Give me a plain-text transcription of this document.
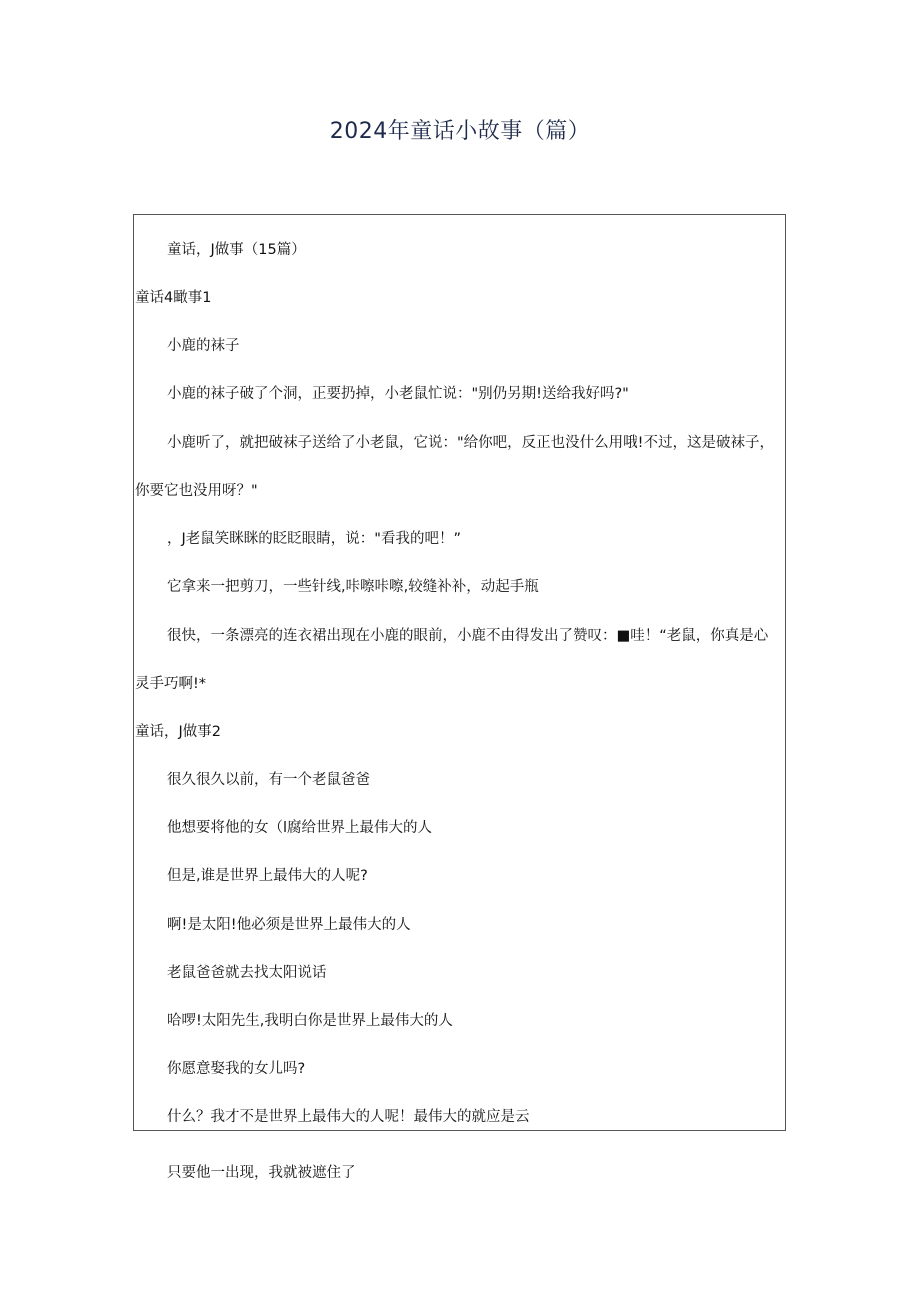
2024年童话小故事（篇）
童话，J做事（15篇）
童话4瞰事1
小鹿的袜子
小鹿的袜子破了个洞，正要扔掉，小老鼠忙说："别仍另期!送给我好吗?"
小鹿听了，就把破袜子送给了小老鼠，它说："给你吧，反正也没什么用哦!不过，这是破袜子，
你要它也没用呀？"
，J老鼠笑眯眯的眨眨眼睛，说："看我的吧！”
它拿来一把剪刀，一些针线,咔嚓咔嚓,较缝补补，动起手瓶
很快，一条漂亮的连衣裙出现在小鹿的眼前，小鹿不由得发出了赞叹：■哇！“老鼠，你真是心
灵手巧啊!*
童话，J做事2
很久很久以前，有一个老鼠爸爸
他想要将他的女（l腐给世界上最伟大的人
但是,谁是世界上最伟大的人呢?
啊!是太阳!他必须是世界上最伟大的人
老鼠爸爸就去找太阳说话
哈啰!太阳先生,我明白你是世界上最伟大的人
你愿意娶我的女儿吗?
什么？我才不是世界上最伟大的人呢！最伟大的就应是云
只要他一出现，我就被遮住了
